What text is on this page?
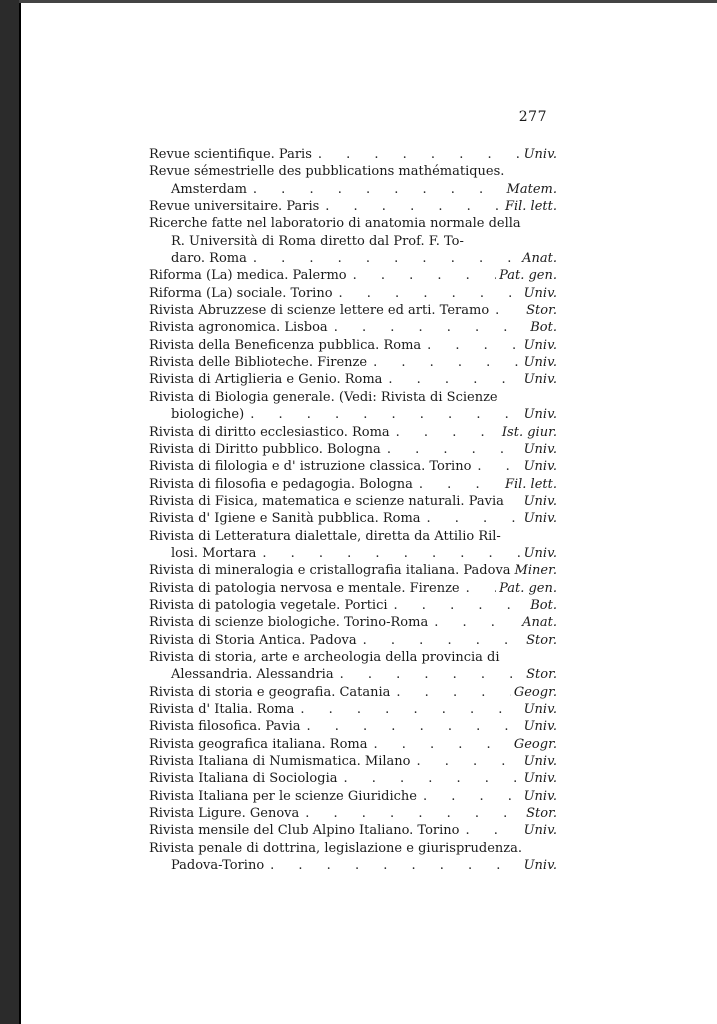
277
Revue scientifique. Paris . . .	Univ.
Revue sémestrielle des pubblications mathématiques.
Amsterdam . . .	Matem.
Revue universitaire. Paris . . .	Fil. lett.
Ricerche fatte nel laboratorio di anatomia normale della
R. Università di Roma diretto dal Prof. F. To-
daro. Roma . . .	Anat.
Riforma (La) medica. Palermo . . .	Pat. gen.
Riforma (La) sociale. Torino . . .	Univ.
Rivista Abruzzese di scienze lettere ed arti. Teramo . . .	Stor.
Rivista agronomica. Lisboa . . .	Bot.
Rivista della Beneficenza pubblica. Roma . . .	Univ.
Rivista delle Biblioteche. Firenze . . .	Univ.
Rivista di Artiglieria e Genio. Roma . . .	Univ.
Rivista di Biologia generale. (Vedi: Rivista di Scienze
biologiche) . . .	Univ.
Rivista di diritto ecclesiastico. Roma . . .	Ist. giur.
Rivista di Diritto pubblico. Bologna . . .	Univ.
Rivista di filologia e d' istruzione classica. Torino . . .	Univ.
Rivista di filosofia e pedagogia. Bologna . . .	Fil. lett.
Rivista di Fisica, matematica e scienze naturali. Pavia Univ.
Rivista d' Igiene e Sanità pubblica. Roma . . .	Univ.
Rivista di Letteratura dialettale, diretta da Attilio Ril-
losi. Mortara . . .	Univ.
Rivista di mineralogia e cristallografia italiana. Padova Miner.
Rivista di patologia nervosa e mentale. Firenze . . .	Pat. gen.
Rivista di patologia vegetale. Portici . . .	Bot.
Rivista di scienze biologiche. Torino-Roma . . .	Anat.
Rivista di Storia Antica. Padova . . .	Stor.
Rivista di storia, arte e archeologia della provincia di
Alessandria. Alessandria . . .	Stor.
Rivista di storia e geografia. Catania . . .	Geogr.
Rivista d' Italia. Roma . . .	Univ.
Rivista filosofica. Pavia . . .	Univ.
Rivista geografica italiana. Roma . . .	Geogr.
Rivista Italiana di Numismatica. Milano . . .	Univ.
Rivista Italiana di Sociologia . . .	Univ.
Rivista Italiana per le scienze Giuridiche . . .	Univ.
Rivista Ligure. Genova . . .	Stor.
Rivista mensile del Club Alpino Italiano. Torino . . .	Univ.
Rivista penale di dottrina, legislazione e giurisprudenza.
Padova-Torino . . .	Univ.
